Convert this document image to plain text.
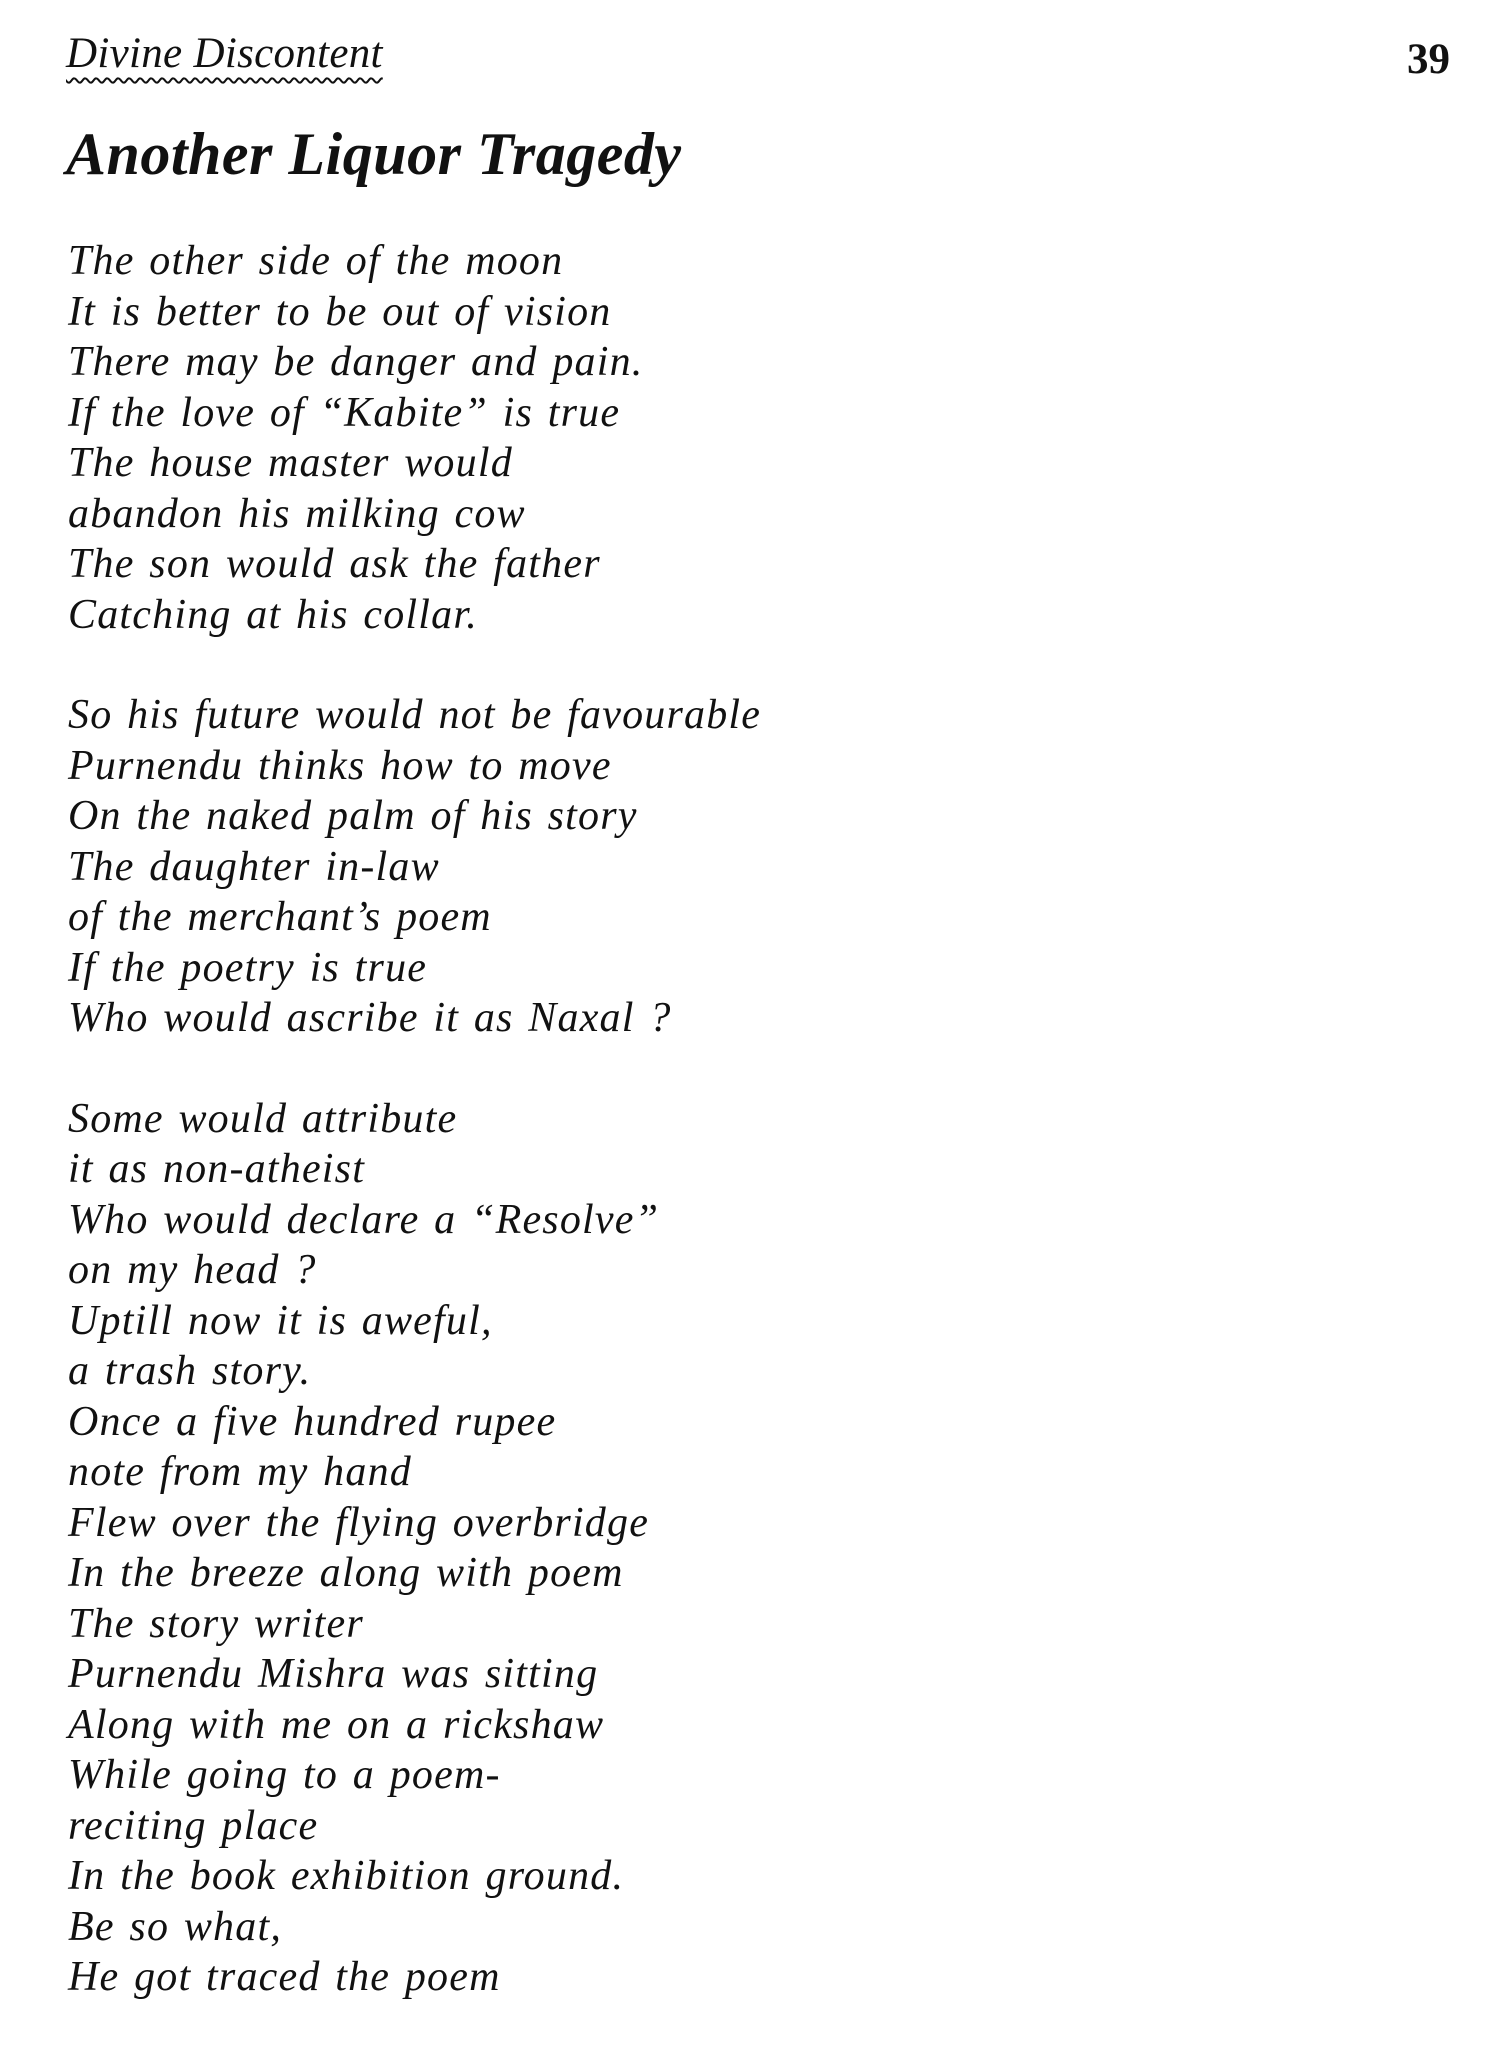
Divine Discontent	39
Another Liquor Tragedy
The other side of the moon
It is better to be out of vision
There may be danger and pain.
If the love of “Kabite” is true
The house master would
abandon his milking cow
The son would ask the father
Catching at his collar.
So his future would not be favourable
Purnendu thinks how to move
On the naked palm of his story
The daughter in-law
of the merchant’s poem
If the poetry is true
Who would ascribe it as Naxal ?
Some would attribute
it as non-atheist
Who would declare a “Resolve”
on my head ?
Uptill now it is aweful,
a trash story.
Once a five hundred rupee
note from my hand
Flew over the flying overbridge
In the breeze along with poem
The story writer
Purnendu Mishra was sitting
Along with me on a rickshaw
While going to a poem-
reciting place
In the book exhibition ground.
Be so what,
He got traced the poem
